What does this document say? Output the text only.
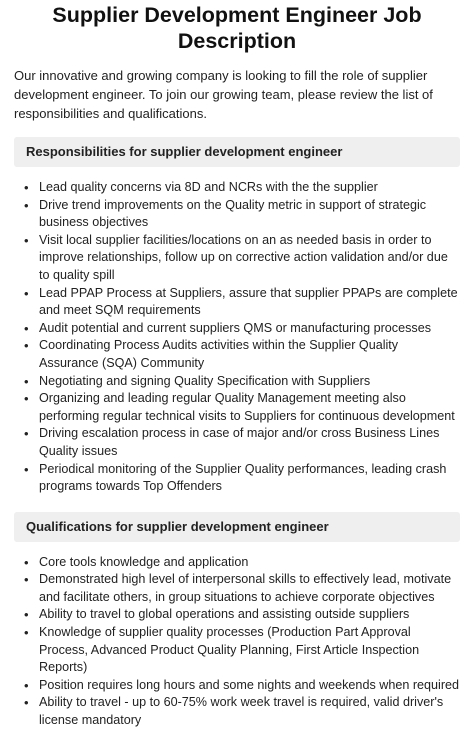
Supplier Development Engineer Job Description

Our innovative and growing company is looking to fill the role of supplier development engineer. To join our growing team, please review the list of responsibilities and qualifications.

Responsibilities for supplier development engineer
• Lead quality concerns via 8D and NCRs with the the supplier
• Drive trend improvements on the Quality metric in support of strategic business objectives
• Visit local supplier facilities/locations on an as needed basis in order to improve relationships, follow up on corrective action validation and/or due to quality spill
• Lead PPAP Process at Suppliers, assure that supplier PPAPs are complete and meet SQM requirements
• Audit potential and current suppliers QMS or manufacturing processes
• Coordinating Process Audits activities within the Supplier Quality Assurance (SQA) Community
• Negotiating and signing Quality Specification with Suppliers
• Organizing and leading regular Quality Management meeting also performing regular technical visits to Suppliers for continuous development
• Driving escalation process in case of major and/or cross Business Lines Quality issues
• Periodical monitoring of the Supplier Quality performances, leading crash programs towards Top Offenders
Qualifications for supplier development engineer
• Core tools knowledge and application
• Demonstrated high level of interpersonal skills to effectively lead, motivate and facilitate others, in group situations to achieve corporate objectives
• Ability to travel to global operations and assisting outside suppliers
• Knowledge of supplier quality processes (Production Part Approval Process, Advanced Product Quality Planning, First Article Inspection Reports)
• Position requires long hours and some nights and weekends when required
• Ability to travel - up to 60-75% work week travel is required, valid driver's license mandatory
